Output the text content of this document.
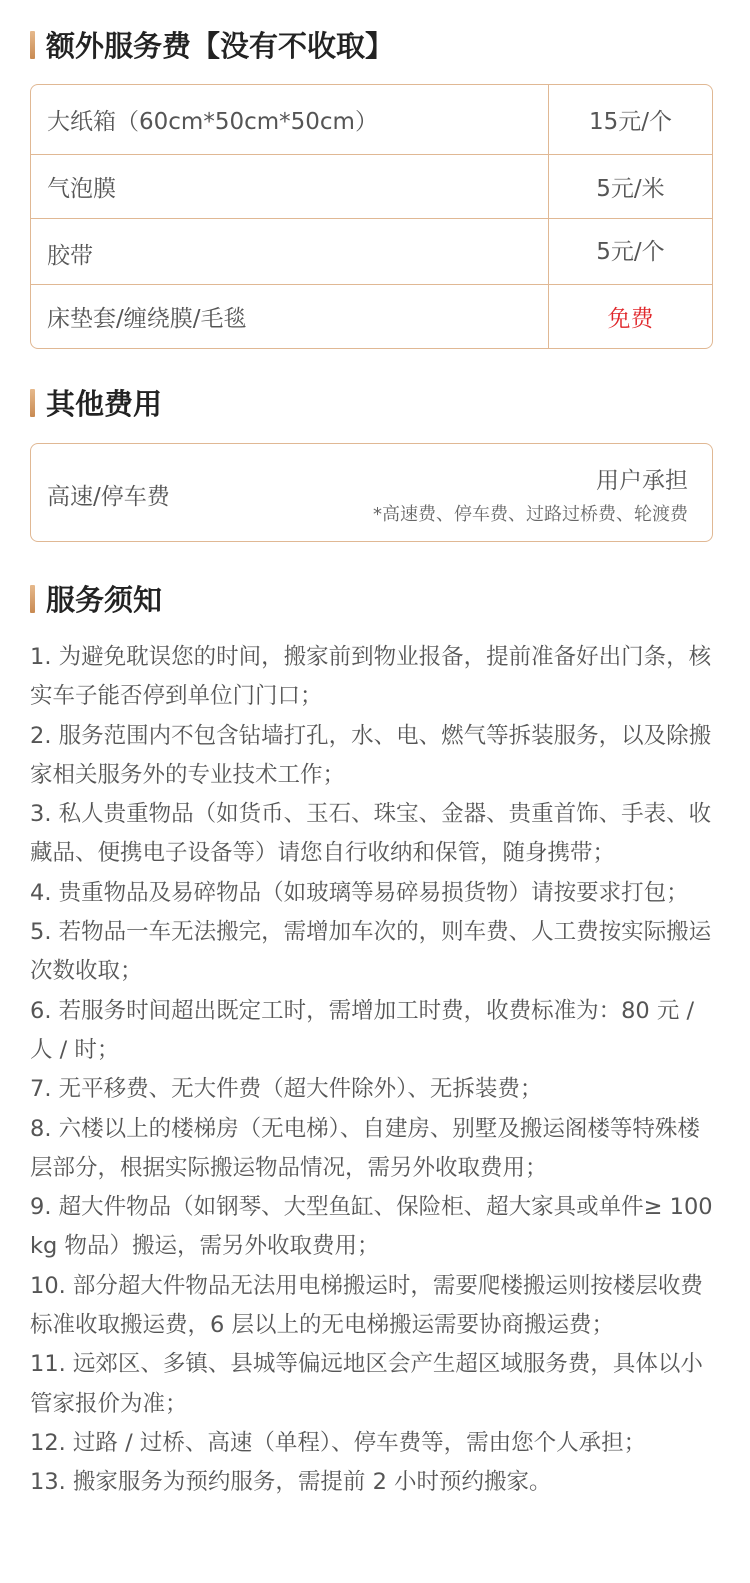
额外服务费【没有不收取】
大纸箱（60cm*50cm*50cm）	15元/个
气泡膜	5元/米
胶带	5元/个
床垫套/缠绕膜/毛毯	免费
其他费用
高速/停车费
用户承担
*高速费、停车费、过路过桥费、轮渡费
服务须知
1. 为避免耽误您的时间，搬家前到物业报备，提前准备好出门条，核实车子能否停到单位门门口；
2. 服务范围内不包含钻墙打孔，水、电、燃气等拆装服务，以及除搬家相关服务外的专业技术工作；
3. 私人贵重物品（如货币、玉石、珠宝、金器、贵重首饰、手表、收藏品、便携电子设备等）请您自行收纳和保管，随身携带；
4. 贵重物品及易碎物品（如玻璃等易碎易损货物）请按要求打包；
5. 若物品一车无法搬完，需增加车次的，则车费、人工费按实际搬运次数收取；
6. 若服务时间超出既定工时，需增加工时费，收费标准为：80 元 / 人 / 时；
7. 无平移费、无大件费（超大件除外）、无拆装费；
8. 六楼以上的楼梯房（无电梯）、自建房、别墅及搬运阁楼等特殊楼层部分，根据实际搬运物品情况，需另外收取费用；
9. 超大件物品（如钢琴、大型鱼缸、保险柜、超大家具或单件≥ 100kg 物品）搬运，需另外收取费用；
10. 部分超大件物品无法用电梯搬运时，需要爬楼搬运则按楼层收费标准收取搬运费，6 层以上的无电梯搬运需要协商搬运费；
11. 远郊区、多镇、县城等偏远地区会产生超区域服务费，具体以小管家报价为准；
12. 过路 / 过桥、高速（单程）、停车费等，需由您个人承担；
13. 搬家服务为预约服务，需提前 2 小时预约搬家。
